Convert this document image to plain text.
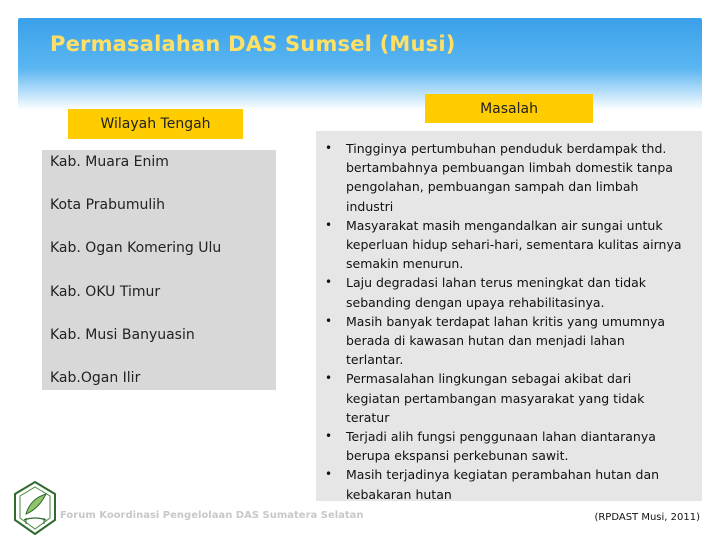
Permasalahan DAS Sumsel (Musi)
Wilayah Tengah
Masalah
Kab. Muara Enim
Kota Prabumulih
Kab. Ogan Komering Ulu
Kab. OKU Timur
Kab. Musi Banyuasin
Kab.Ogan Ilir
• Tingginya pertumbuhan penduduk berdampak thd. bertambahnya pembuangan limbah domestik tanpa pengolahan, pembuangan sampah dan limbah industri
• Masyarakat masih mengandalkan air sungai untuk keperluan hidup sehari-hari, sementara kulitas airnya semakin menurun.
• Laju degradasi lahan terus meningkat dan tidak sebanding dengan upaya rehabilitasinya.
• Masih banyak terdapat lahan kritis yang umumnya berada di kawasan hutan dan menjadi lahan terlantar.
• Permasalahan lingkungan sebagai akibat dari kegiatan pertambangan masyarakat yang tidak teratur
• Terjadi alih fungsi penggunaan lahan diantaranya berupa ekspansi perkebunan sawit.
• Masih terjadinya kegiatan perambahan hutan dan kebakaran hutan
Forum Koordinasi Pengelolaan DAS Sumatera Selatan	(RPDAST Musi, 2011)
